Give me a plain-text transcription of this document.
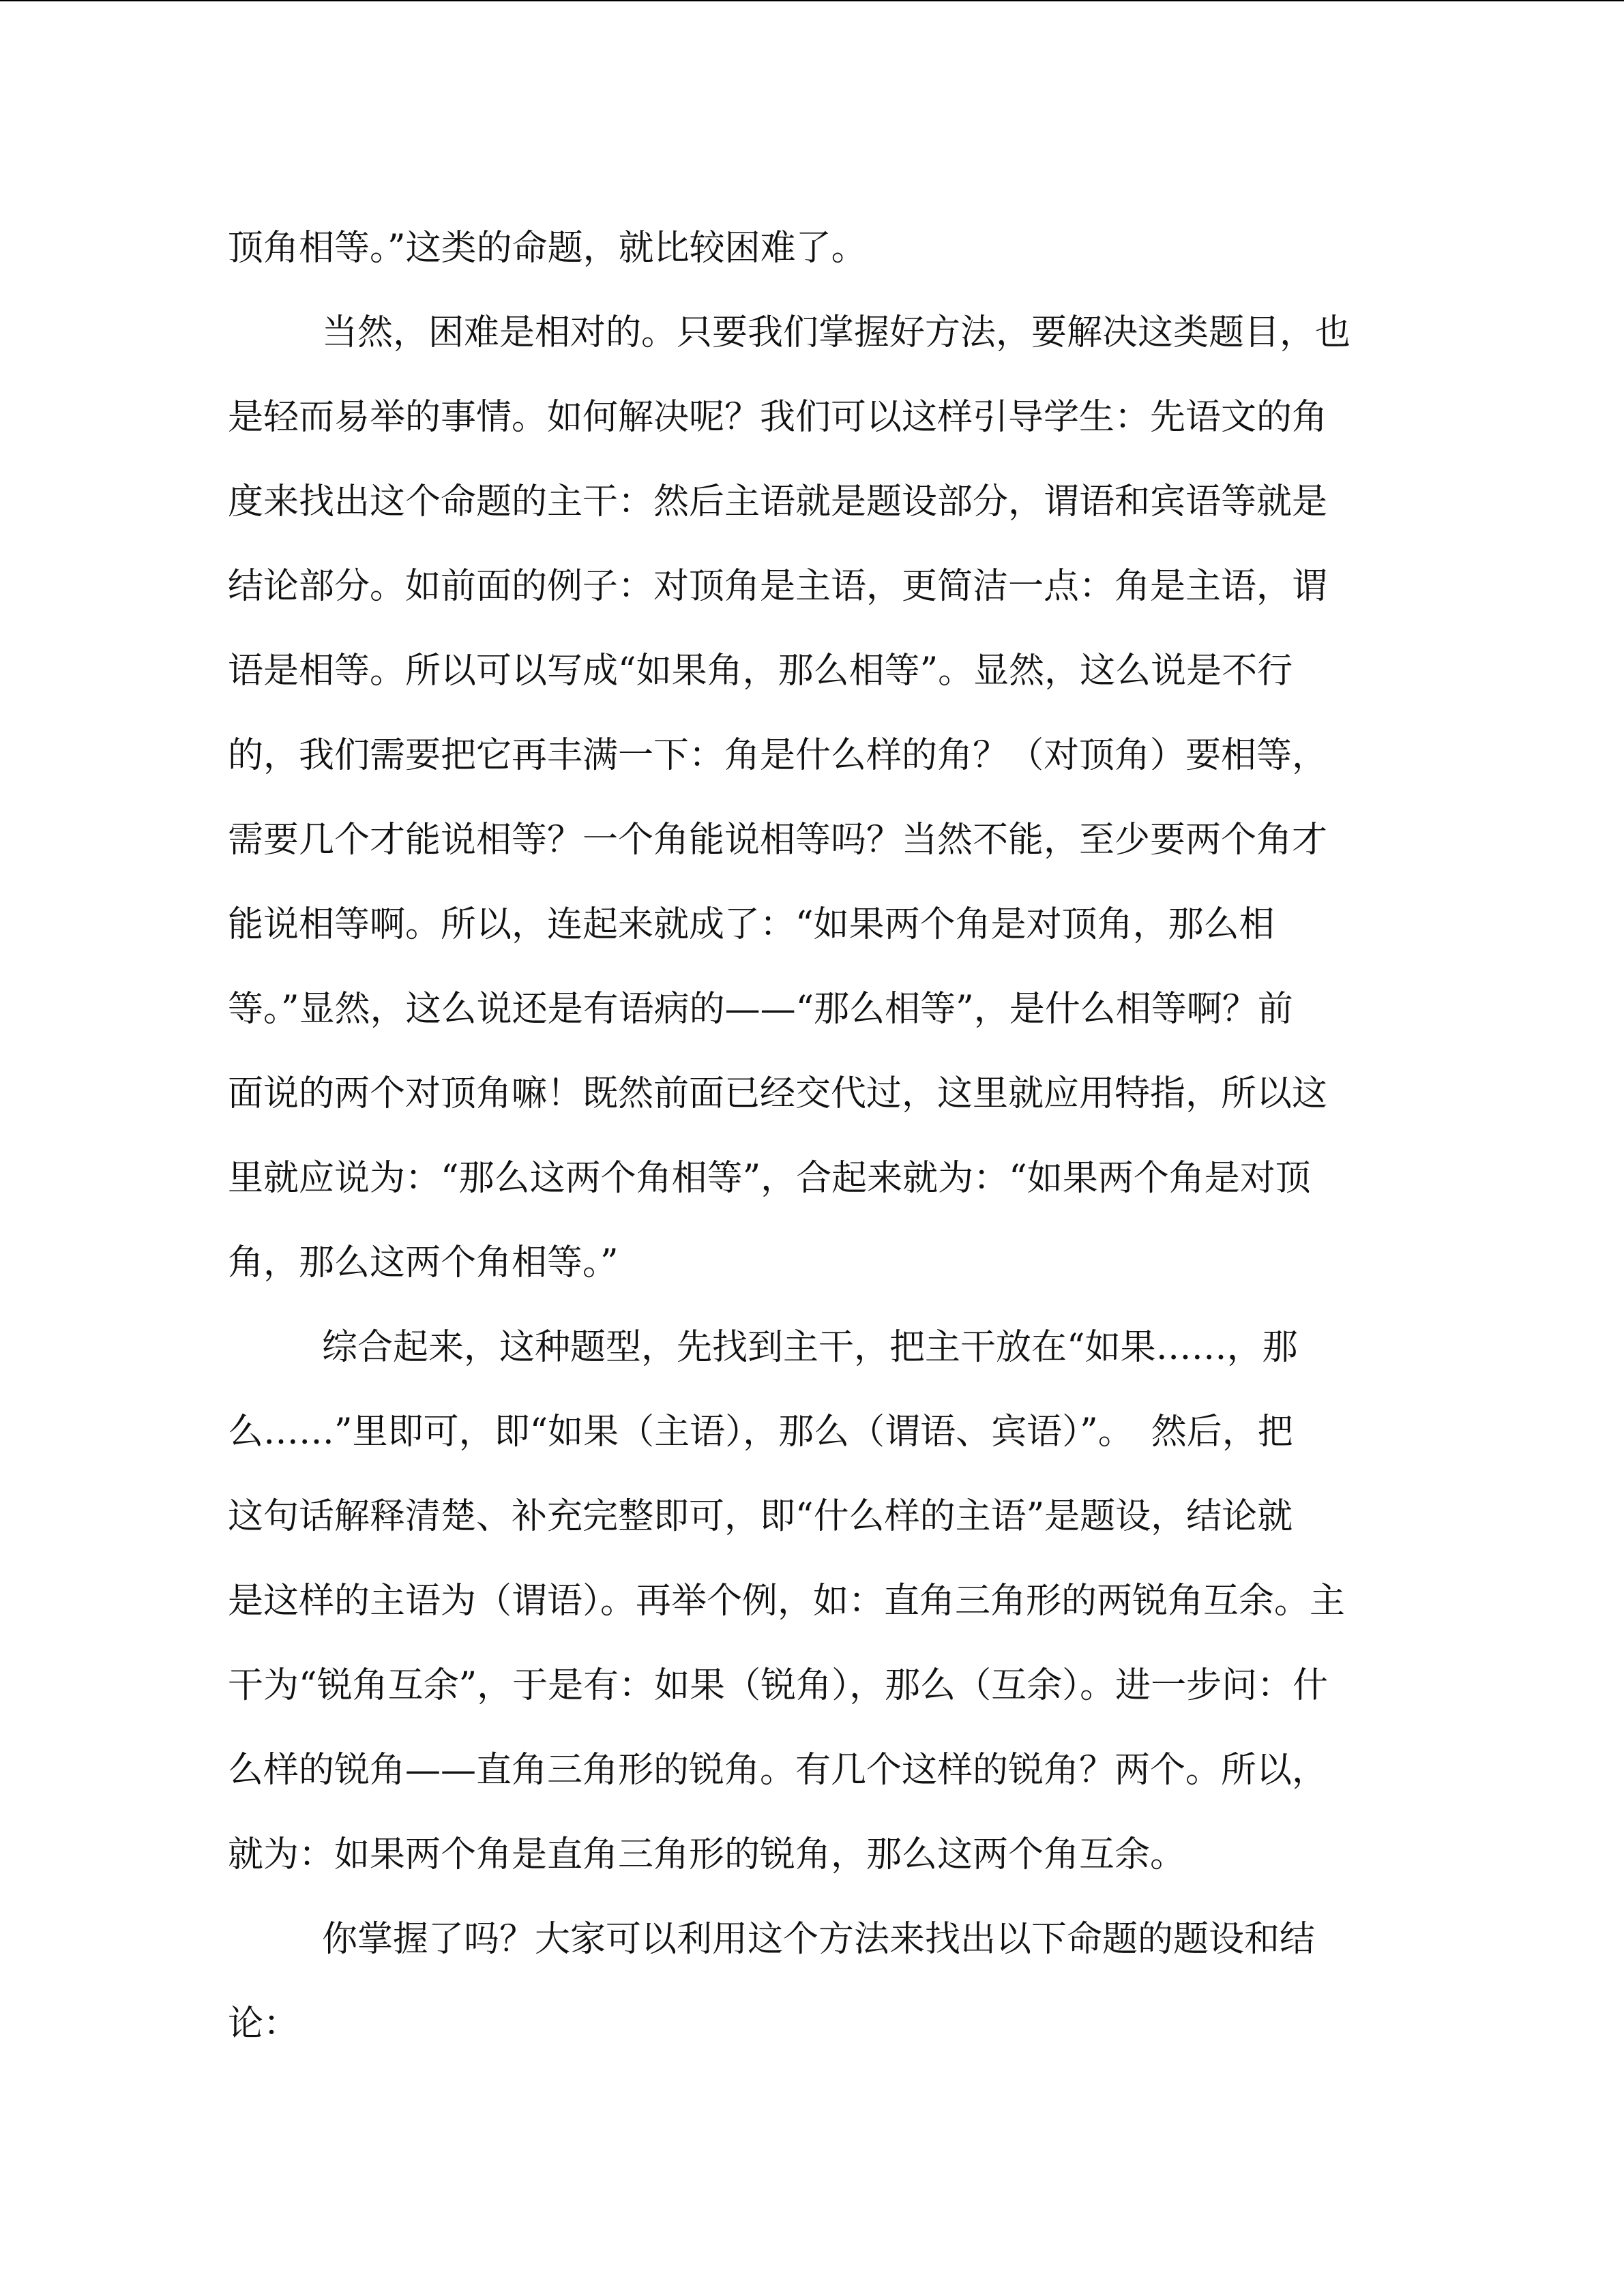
顶角相等。”这类的命题，就比较困难了。
当然，困难是相对的。只要我们掌握好方法，要解决这类题目，也
是轻而易举的事情。如何解决呢？我们可以这样引导学生：先语文的角
度来找出这个命题的主干：然后主语就是题设部分，谓语和宾语等就是
结论部分。如前面的例子：对顶角是主语，更简洁一点：角是主语，谓
语是相等。所以可以写成“如果角，那么相等”。显然，这么说是不行
的，我们需要把它再丰满一下：角是什么样的角？（对顶角）要相等，
需要几个才能说相等？一个角能说相等吗？当然不能，至少要两个角才
能说相等啊。所以，连起来就成了：“如果两个角是对顶角，那么相
等。”显然，这么说还是有语病的——“那么相等”，是什么相等啊？前
面说的两个对顶角嘛！既然前面已经交代过，这里就应用特指，所以这
里就应说为：“那么这两个角相等”，合起来就为：“如果两个角是对顶
角，那么这两个角相等。”
综合起来，这种题型，先找到主干，把主干放在“如果……，那
么……”里即可，即“如果（主语），那么（谓语、宾语）”。　然后，把
这句话解释清楚、补充完整即可，即“什么样的主语”是题设，结论就
是这样的主语为（谓语）。再举个例，如：直角三角形的两锐角互余。主
干为“锐角互余”，于是有：如果（锐角），那么（互余）。进一步问：什
么样的锐角——直角三角形的锐角。有几个这样的锐角？两个。所以，
就为：如果两个角是直角三角形的锐角，那么这两个角互余。
你掌握了吗？大家可以利用这个方法来找出以下命题的题设和结
论：
